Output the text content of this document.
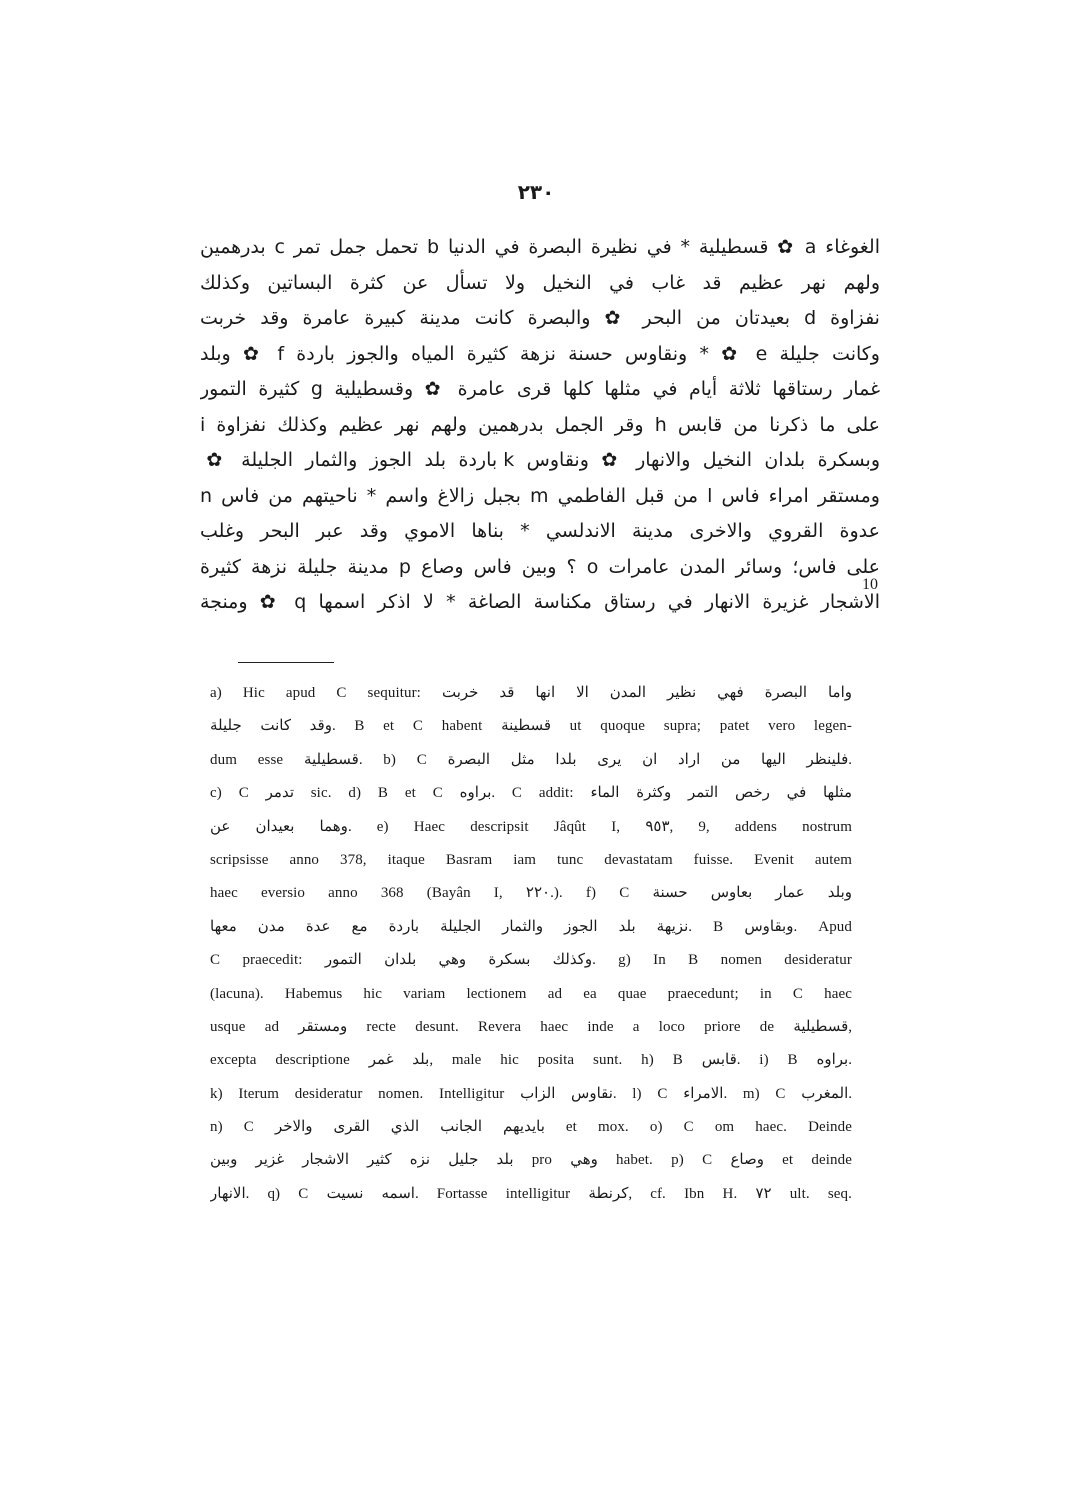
٢٣٠
الغوغاء a ✿ قسطيلية * في نظيرة البصرة في الدنيا b تحمل جمل تمر c بدرهمين
ولهم نهر عظيم قد غاب في النخيل ولا تسأل عن كثرة البساتين وكذلك
نفزاوة d بعيدتان من البحر ✿ والبصرة كانت مدينة كبيرة عامرة وقد خربت
وكانت جليلة e ✿ * ونقاوس حسنة نزهة كثيرة المياه والجوز باردة f ✿ وبلد
غمار رستاقها ثلاثة أيام في مثلها كلها قرى عامرة ✿ وقسطيلية g كثيرة التمور
على ما ذكرنا من قابس h وقر الجمل بدرهمين ولهم نهر عظيم وكذلك نفزاوة i
وبسكرة بلدان النخيل والانهار ✿ ونقاوس k باردة بلد الجوز والثمار الجليلة ✿
ومستقر امراء فاس l من قبل الفاطمي m بجبل زالاغ واسم * ناحيتهم من فاس n
عدوة القروي والاخرى مدينة الاندلسي * بناها الاموي وقد عبر البحر وغلب
على فاس؛ وسائر المدن عامرات o ؟ وبين فاس وصاع p مدينة جليلة نزهة كثيرة
الاشجار غزيرة الانهار في رستاق مكناسة الصاغة * لا اذكر اسمها q ✿ ومنجة
10
a) Hic apud C sequitur: واما البصرة فهي نظير المدن الا انها قد خربت
وقد كانت جليلة. B et C habent قسطينة ut quoque supra; patet vero legen-
dum esse قسطيلية. b) C فلينظر اليها من اراد ان يرى بلدا مثل البصرة.
c) C تدمر sic. d) B et C براوه. C addit: مثلها في رخص التمر وكثرة الماء
وهما بعيدان عن. e) Haec descripsit Jâqût I, ٩٥٣, 9, addens nostrum
scripsisse anno 378, itaque Basram iam tunc devastatam fuisse. Evenit autem
haec eversio anno 368 (Bayân I, ٢٢٠.). f) C وبلد عمار بعاوس حسنة
نزيهة بلد الجوز والثمار الجليلة باردة مع عدة مدن معها. B وبقاوس. Apud
C praecedit: وكذلك بسكرة وهي بلدان التمور. g) In B nomen desideratur
(lacuna). Habemus hic variam lectionem ad ea quae praecedunt; in C haec
usque ad ومستقر recte desunt. Revera haec inde a loco priore de قسطيلية,
excepta descriptione بلد غمر, male hic posita sunt. h) B قابس. i) B براوه.
k) Iterum desideratur nomen. Intelligitur نقاوس الزاب. l) C الامراء. m) C المغرب.
n) C بايديهم الجانب الذي القرى والاخر et mox. o) C om haec. Deinde
بلد جليل نزه كثير الاشجار غزير وبين pro وهي habet. p) C وصاع et deinde
الانهار. q) C اسمه نسيت. Fortasse intelligitur كرنطة, cf. Ibn H. ٧٢ ult. seq.
